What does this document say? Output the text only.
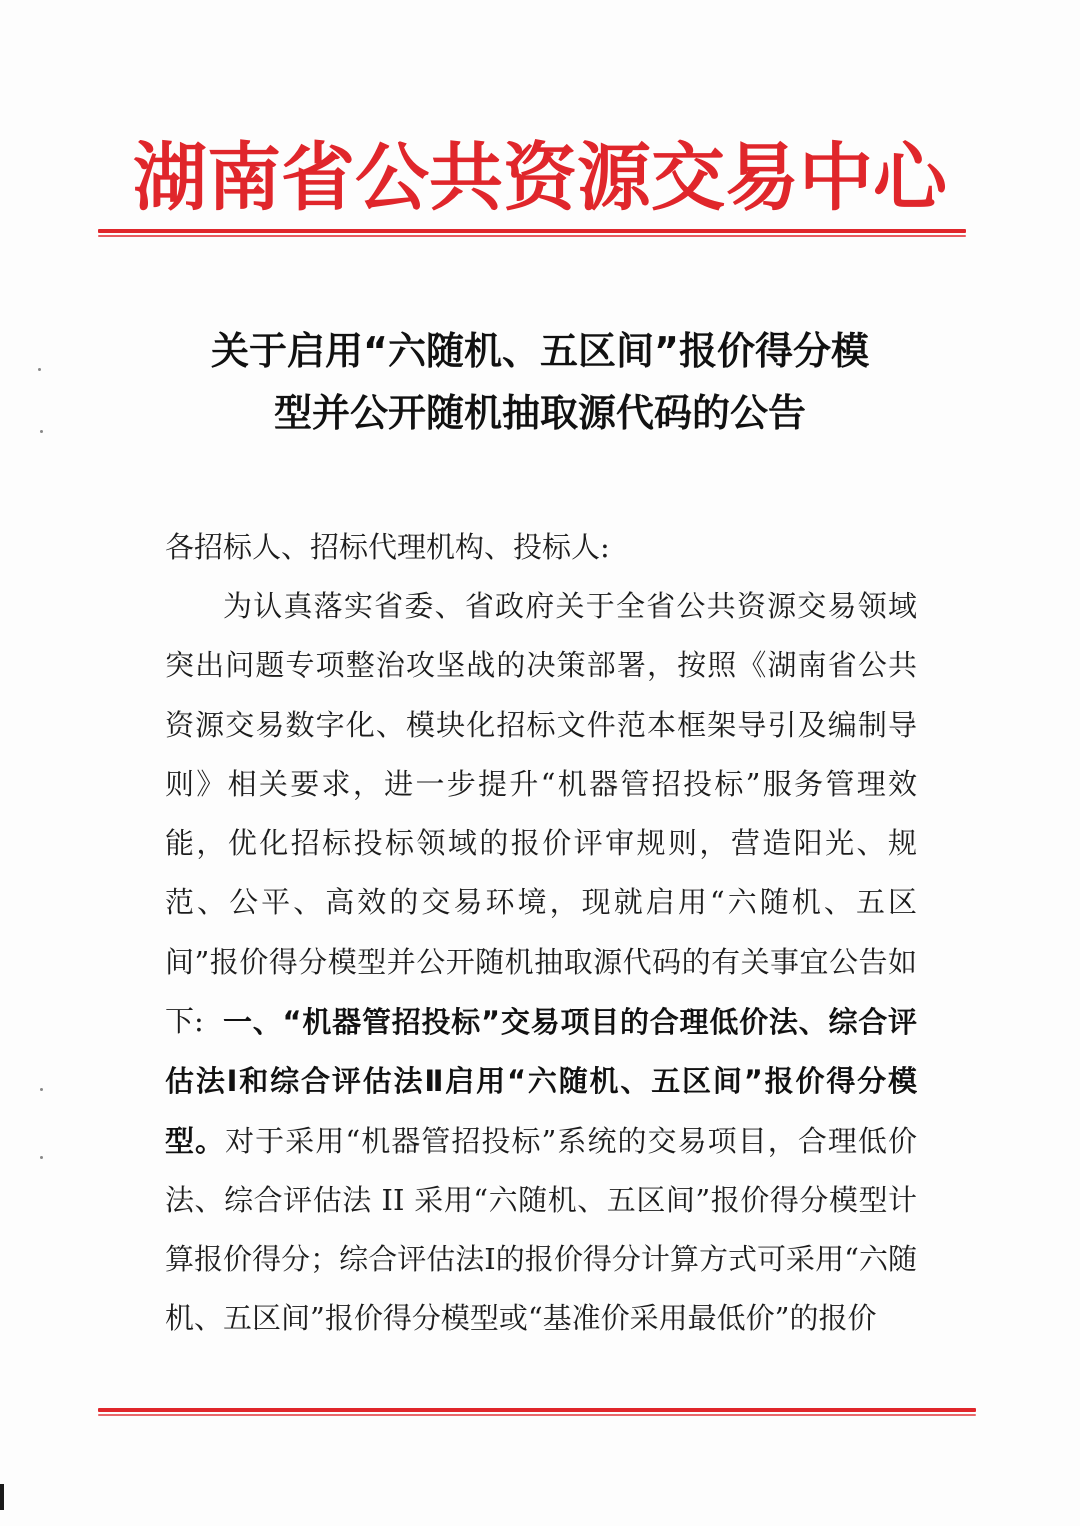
湖南省公共资源交易中心
关于启用“六随机、五区间”报价得分模
型并公开随机抽取源代码的公告
各招标人、招标代理机构、投标人:
为认真落实省委、省政府关于全省公共资源交易领域突出问题专项整治攻坚战的决策部署，按照《湖南省公共资源交易数字化、模块化招标文件范本框架导引及编制导则》相关要求，进一步提升“机器管招投标”服务管理效能，优化招标投标领域的报价评审规则，营造阳光、规范、公平、高效的交易环境，现就启用“六随机、五区间”报价得分模型并公开随机抽取源代码的有关事宜公告如下: 一、“机器管招投标”交易项目的合理低价法、综合评估法Ⅰ和综合评估法Ⅱ启用“六随机、五区间”报价得分模型。对于采用“机器管招投标”系统的交易项目，合理低价法、综合评估法 II 采用“六随机、五区间”报价得分模型计算报价得分；综合评估法Ⅰ的报价得分计算方式可采用“六随机、五区间”报价得分模型或“基准价采用最低价”的报价
